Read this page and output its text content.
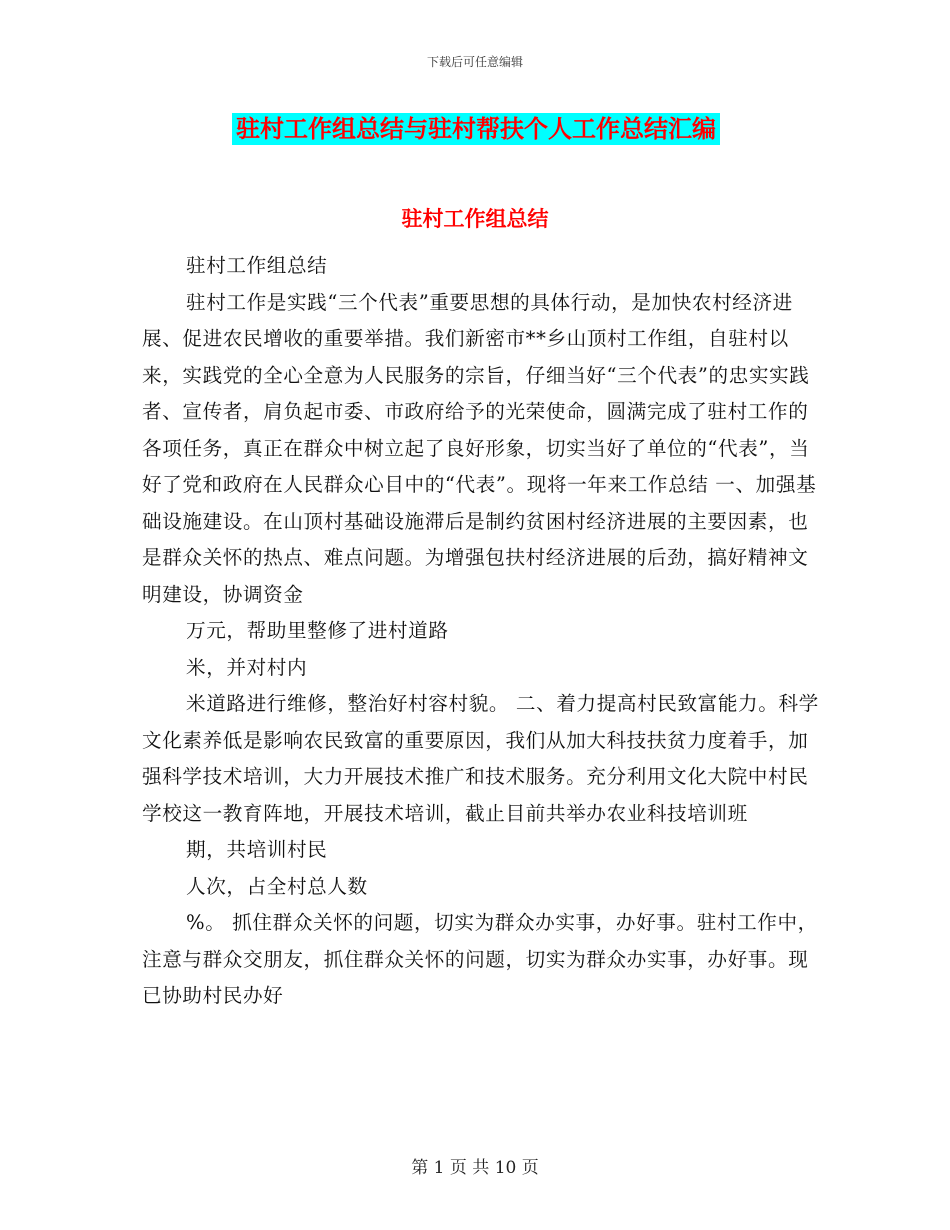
下载后可任意编辑
驻村工作组总结与驻村帮扶个人工作总结汇编
驻村工作组总结

驻村工作组总结

驻村工作是实践“三个代表”重要思想的具体行动，是加快农村经济进展、促进农民增收的重要举措。我们新密市**乡山顶村工作组，自驻村以来，实践党的全心全意为人民服务的宗旨，仔细当好“三个代表”的忠实实践者、宣传者，肩负起市委、市政府给予的光荣使命，圆满完成了驻村工作的各项任务，真正在群众中树立起了良好形象，切实当好了单位的“代表”，当好了党和政府在人民群众心目中的“代表”。现将一年来工作总结 一、加强基础设施建设。在山顶村基础设施滞后是制约贫困村经济进展的主要因素，也是群众关怀的热点、难点问题。为增强包扶村经济进展的后劲，搞好精神文明建设，协调资金

万元，帮助里整修了进村道路

米，并对村内

米道路进行维修，整治好村容村貌。 二、着力提高村民致富能力。科学文化素养低是影响农民致富的重要原因，我们从加大科技扶贫力度着手，加强科学技术培训，大力开展技术推广和技术服务。充分利用文化大院中村民学校这一教育阵地，开展技术培训，截止目前共举办农业科技培训班

期，共培训村民

人次，占全村总人数

%。 抓住群众关怀的问题，切实为群众办实事，办好事。驻村工作中，注意与群众交朋友，抓住群众关怀的问题，切实为群众办实事，办好事。现已协助村民办好

第 1 页 共 10 页
